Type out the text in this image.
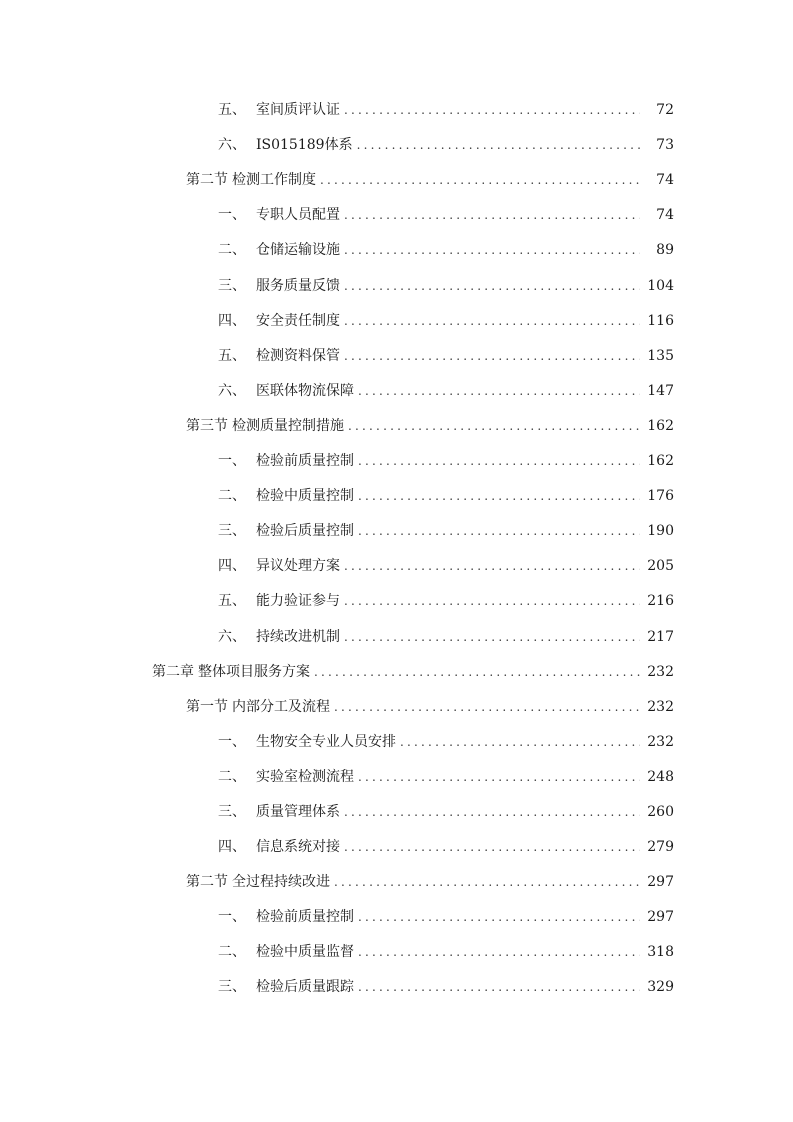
五、 室间质评认证 .....	72
六、 IS015189体系 .....	73
第二节 检测工作制度 .....	74
一、 专职人员配置 .....	74
二、 仓储运输设施 .....	89
三、 服务质量反馈 .....	104
四、 安全责任制度 .....	116
五、 检测资料保管 .....	135
六、 医联体物流保障 .....	147
第三节 检测质量控制措施 .....	162
一、 检验前质量控制 .....	162
二、 检验中质量控制 .....	176
三、 检验后质量控制 .....	190
四、 异议处理方案 .....	205
五、 能力验证参与 .....	216
六、 持续改进机制 .....	217
第二章 整体项目服务方案 .....	232
第一节 内部分工及流程 .....	232
一、 生物安全专业人员安排 .....	232
二、 实验室检测流程 .....	248
三、 质量管理体系 .....	260
四、 信息系统对接 .....	279
第二节 全过程持续改进 .....	297
一、 检验前质量控制 .....	297
二、 检验中质量监督 .....	318
三、 检验后质量跟踪 .....	329
